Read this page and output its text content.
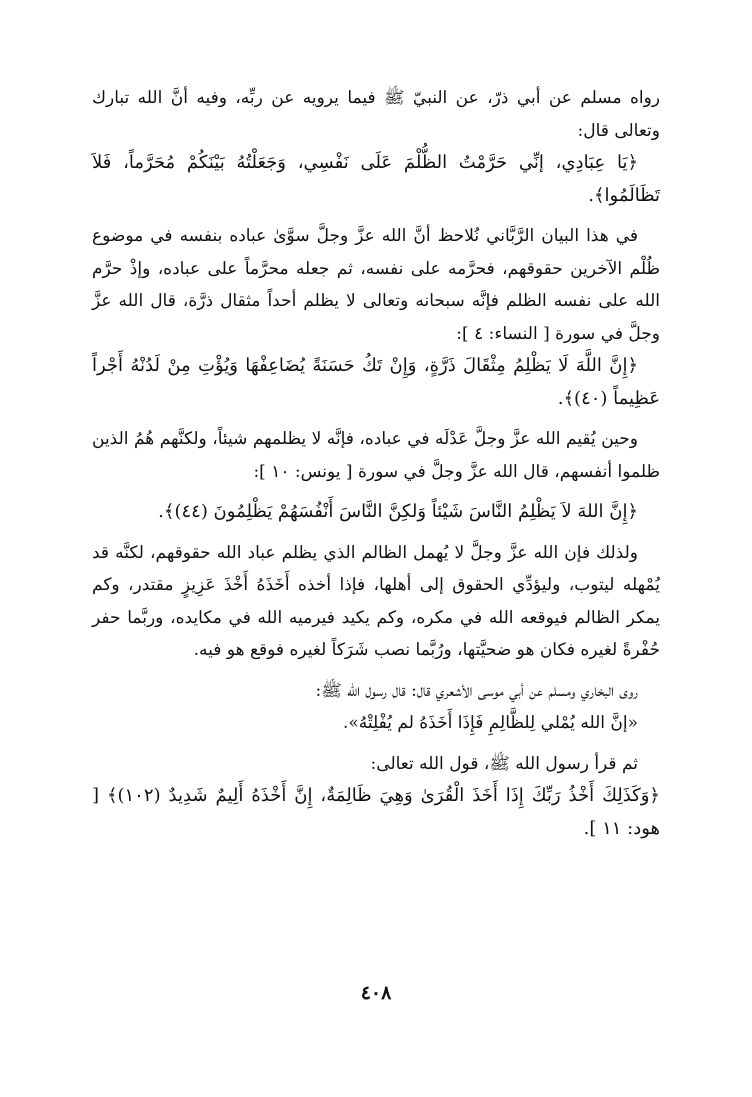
رواه مسلم عن أبي ذرّ، عن النبيّ ﷺ فيما يرويه عن ربِّه، وفيه أنَّ الله تبارك وتعالى قال:

﴿يَا عِبَادِي، إنِّي حَرَّمْتُ الظُّلْمَ عَلَى نَفْسِي، وَجَعَلْتُهُ بَيْنَكُمْ مُحَرَّماً، فَلاَ تَظَالَمُوا﴾.

في هذا البيان الرَّبَّاني نُلاحظ أنَّ الله عزَّ وجلَّ سوَّىٰ عباده بنفسه في موضوع ظُلْم الآخرين حقوقهم، فحرَّمه على نفسه، ثم جعله محرَّماً على عباده، وإذْ حرَّم الله على نفسه الظلم فإنَّه سبحانه وتعالى لا يظلم أحداً مثقال ذرَّة، قال الله عزَّ وجلَّ في سورة [ النساء: ٤ ]:

﴿إِنَّ اللَّهَ لَا يَظْلِمُ مِثْقَالَ ذَرَّةٍ، وَإِنْ تَكُ حَسَنَةً يُضَاعِفْهَا وَيُؤْتِ مِنْ لَدُنْهُ أَجْراً عَظِيماً (٤٠)﴾.

وحين يُقيم الله عزَّ وجلَّ عَدْلَه في عباده، فإنَّه لا يظلمهم شيئاً، ولكنَّهم هُمُ الذين ظلموا أنفسهم، قال الله عزَّ وجلَّ في سورة [ يونس: ١٠ ]:

﴿إِنَّ اللهَ لاَ يَظْلِمُ النَّاسَ شَيْئاً وَلكِنَّ النَّاسَ أَنْفُسَهُمْ يَظْلِمُونَ (٤٤)﴾.

ولذلك فإن الله عزَّ وجلَّ لا يُهمل الظالم الذي يظلم عباد الله حقوقهم، لكنَّه قد يُمْهله ليتوب، وليؤدِّي الحقوق إلى أهلها، فإذا أخذه أَخَذَهُ أَخْذَ عَزِيزٍ مقتدر، وكم يمكر الظالم فيوقعه الله في مكره، وكم يكيد فيرميه الله في مكايده، وربَّما حفر حُفْرةً لغيره فكان هو ضحيَّتها، ورُبَّما نصب شَرَكاً لغيره فوقع هو فيه.

روى البخاري ومسلم عن أبي موسى الأشعري قال: قال رسول الله ﷺ:

«إنَّ الله يُمْلي لِلظَّالِمِ فَإِذَا أَخَذَهُ لم يُفْلِتْهُ».

ثم قرأ رسول الله ﷺ، قول الله تعالى:

﴿وَكَذَلِكَ أَخْذُ رَبِّكَ إِذَا أَخَذَ الْقُرَىٰ وَهِيَ ظَالِمَةٌ، إِنَّ أَخْذَهُ أَلِيمٌ شَدِيدٌ (١٠٢)﴾ [ هود: ١١ ].

٤٠٨
